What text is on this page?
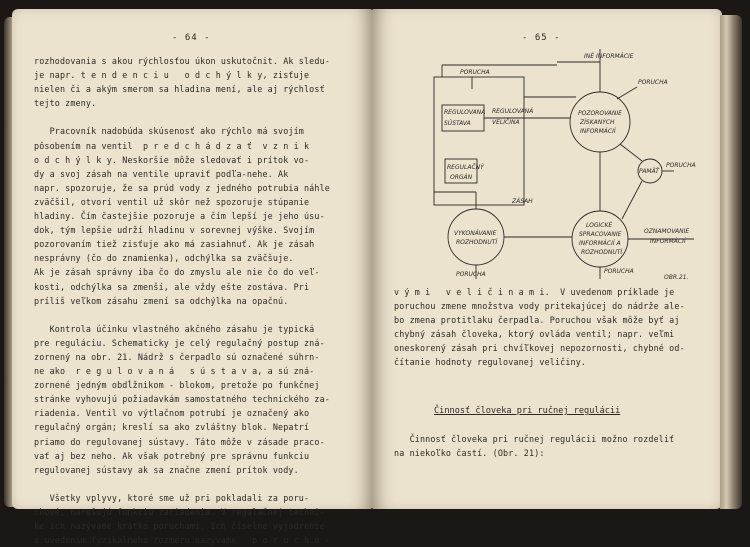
- 64 -
rozhodovania s akou rýchlosťou úkon uskutočnit. Ak sledu-
je napr. t e n d e n c i u   o d c h ý l k y, zisťuje
nielen či a akým smerom sa hladina mení, ale aj rýchlosť
tejto zmeny.

Pracovník nadobúda skúsenosť ako rýchlo má svojím
pôsobením na ventil  p r e d c h á d z a ť  v z n i k
o d c h ý l k y. Neskoršie môže sledovať i prítok vo-
dy a svoj zásah na ventile upraviť podľa-nehe. Ak
napr. spozoruje, že sa prúd vody z jedného potrubia náhle
zväčšil, otvorí ventil už skôr než spozoruje stúpanie
hladiny. Čím častejšie pozoruje a čím lepší je jeho úsu-
dok, tým lepšie udrží hladinu v sorevnej výške. Svojím
pozorovaním tiež zisťuje ako má zasiahnuť. Ak je zásah
nesprávny (čo do znamienka), odchýlka sa zväčšuje.
Ak je zásah správny iba čo do zmyslu ale nie čo do veľ-
kosti, odchýlka sa zmenší, ale vždy ešte zostáva. Pri
príliš veľkom zásahu zmení sa odchýlka na opačnú.

Kontrola účinku vlastného akčného zásahu je typická
pre reguláciu. Schematicky je celý regulačný postup zná-
zornený na obr. 21. Nádrž s čerpadlo sú označené súhrn-
ne ako  r e g u l o v a n á   s ú s t a v a, a sú zná-
zornené jedným obdĺžnikom - blokom, pretože po funkčnej
stránke vyhovujú požiadavkám samostatného technického za-
riadenia. Ventil vo výtlačnom potrubí je označený ako
regulačný orgán; kreslí sa ako zvláštny blok. Nepatrí
priamo do regulovanej sústavy. Táto môže v zásade praco-
vať aj bez neho. Ak však potrebný pre správnu funkciu
regulovanej sústavy ak sa značne zmení prítok vody.

Všetky vplyvy, ktoré sme už pri pokladali za poru-
chové, narušujú funkciu zariadenia. V regulačnej techni-
ke ich nazývame krátko poruchami. Ich číselné vyjadrenie
s uvedením fyzikálneho rozmeru nazývame   p o r u c h o -
- 65 -
INÉ INFORMÁCIE
PORUCHA
PORUCHA
REGULOVANÁ
SÚSTAVA
REGULOVANÁ
VELIČINA
POZOROVANIE
ZÍSKANÝCH
INFORMÁCIÍ
PAMÄŤ
PORUCHA
REGULAČNÝ
ORGÁN
ZÁSAH
VYKONÁVANIE
ROZHODNUTÍ
LOGICKÉ
SPRACOVANIE
INFORMÁCIÍ A
ROZHODNUTÍ
OZNAMOVANIE
INFORMÁCIÍ
PORUCHA	PORUCHA
OBR.21.
v ý m i   v e l i č i n a m i.  V uvedenom príklade je
poruchou zmene množstva vody pritekajúcej do nádrže ale-
bo zmena protitlaku čerpadla. Poruchou však môže byť aj
chybný zásah človeka, ktorý ovláda ventil; napr. veľmi
oneskorený zásah pri chvíľkovej nepozornosti, chybné od-
čítanie hodnoty regulovanej veličiny.
Činnosť človeka pri ručnej regulácii
Činnosť človeka pri ručnej regulácii možno rozdeliť
na niekoľko častí. (Obr. 21):
